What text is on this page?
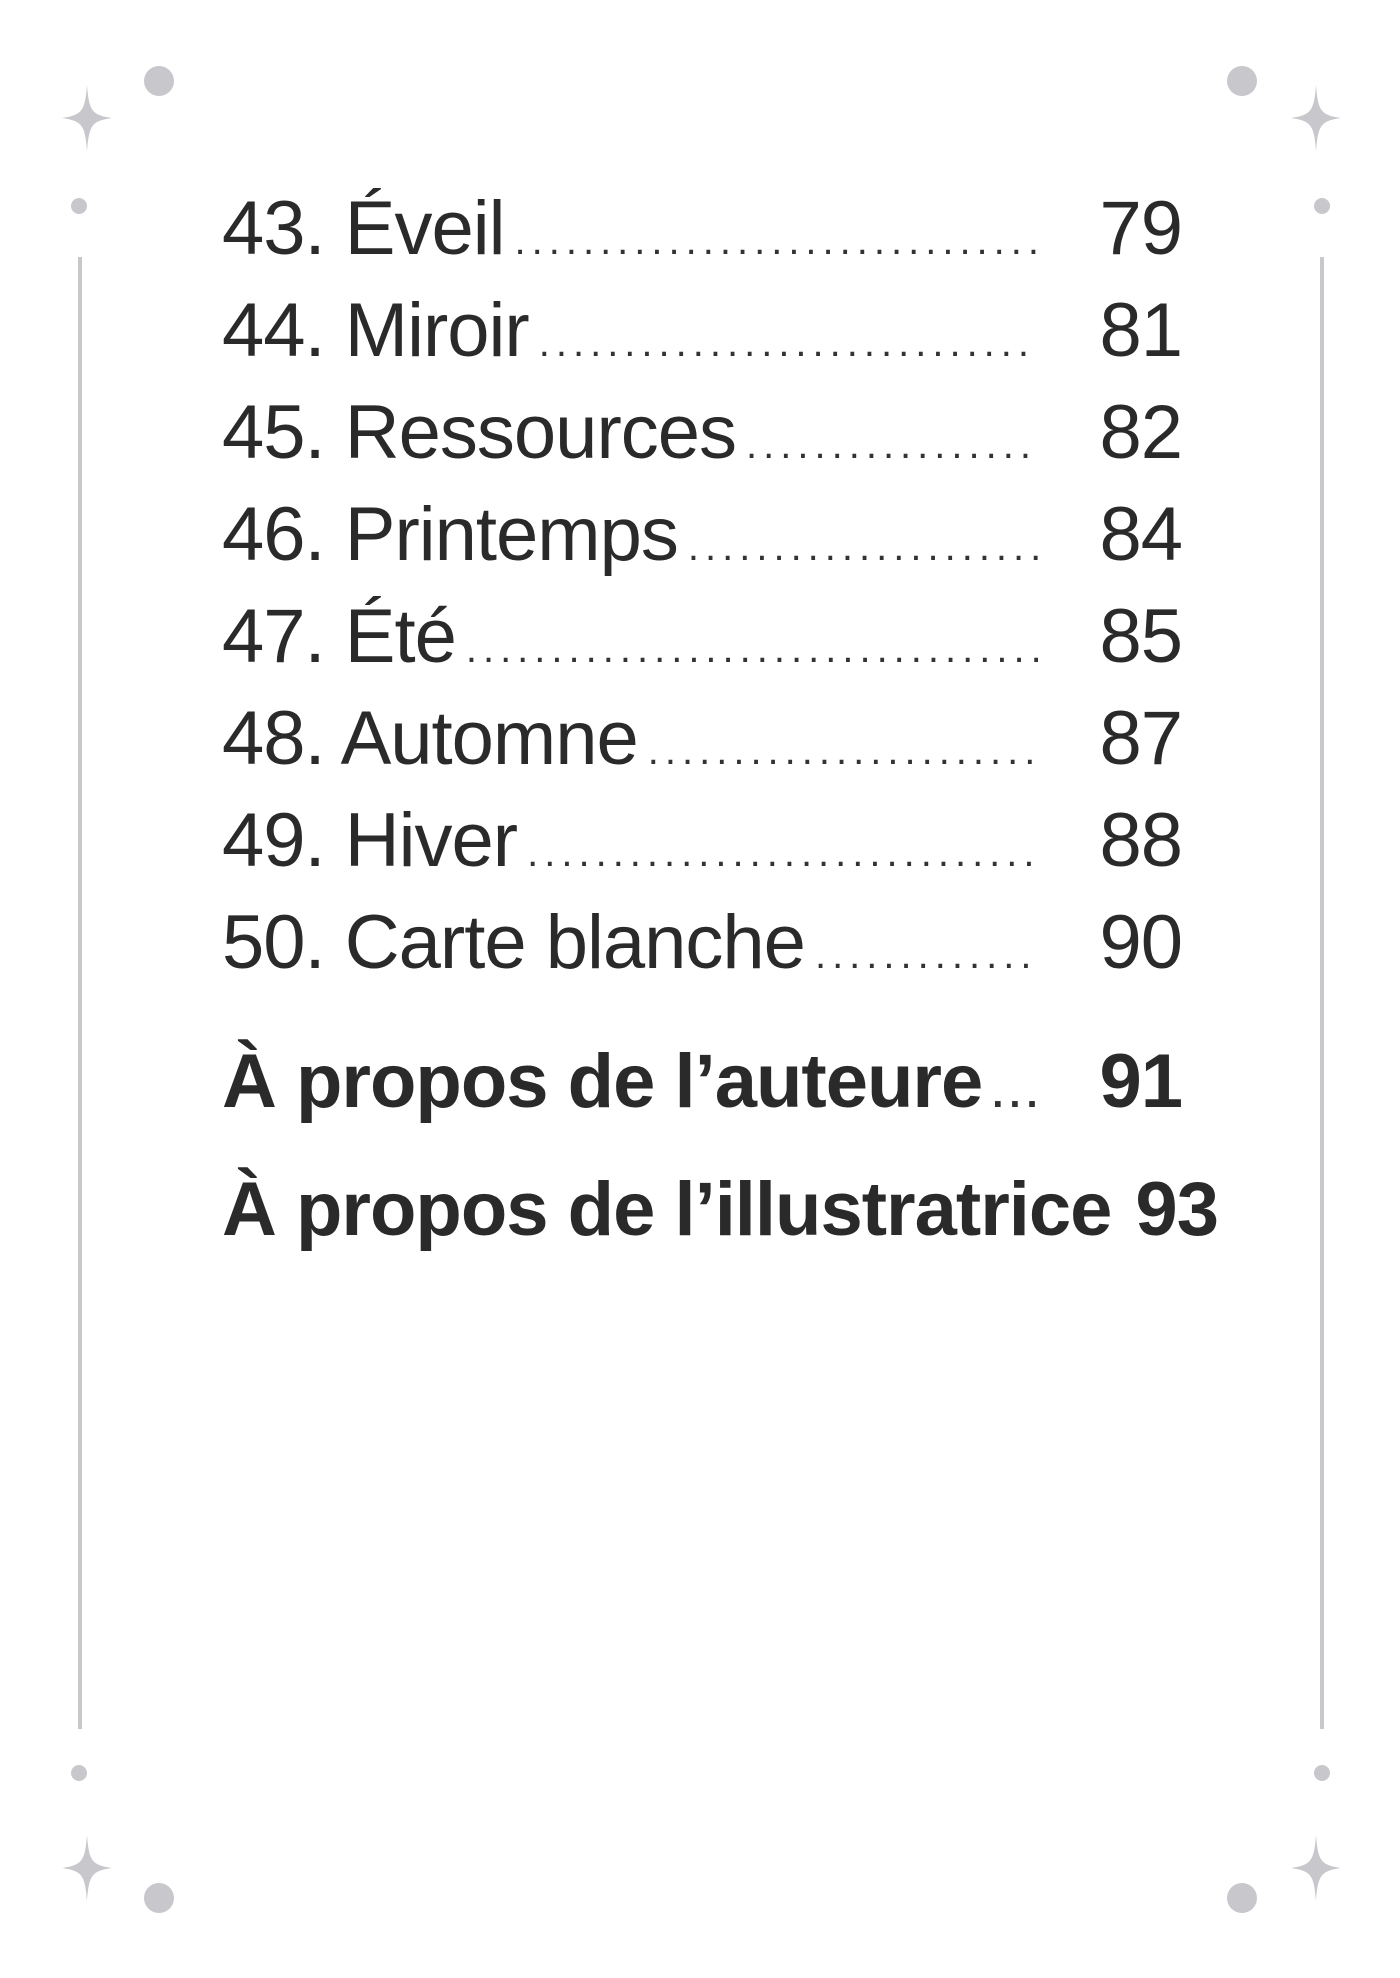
43. Éveil .....	79
44. Miroir .....	81
45. Ressources .....	82
46. Printemps .....	84
47. Été .....	85
48. Automne .....	87
49. Hiver .....	88
50. Carte blanche .....	90
À propos de l’auteure .....	91
À propos de l’illustratrice 93
